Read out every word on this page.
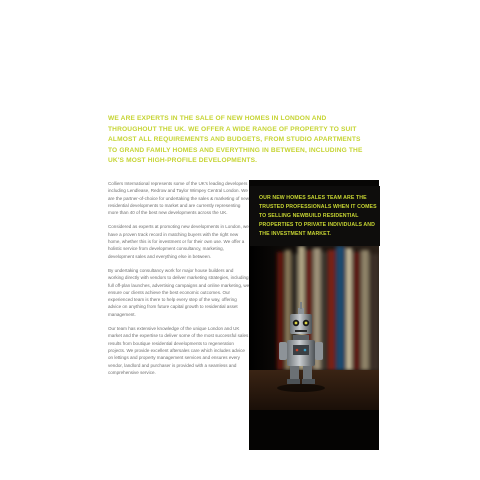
WE ARE EXPERTS IN THE SALE OF NEW HOMES IN LONDON AND THROUGHOUT THE UK. WE OFFER A WIDE RANGE OF PROPERTY TO SUIT ALMOST ALL REQUIREMENTS AND BUDGETS, FROM STUDIO APARTMENTS TO GRAND FAMILY HOMES AND EVERYTHING IN BETWEEN, INCLUDING THE UK'S MOST HIGH-PROFILE DEVELOPMENTS.

Colliers International represents some of the UK's leading developers including Lendlease, Redrow and Taylor Wimpey Central London. We are the partner-of-choice for undertaking the sales & marketing of new residential developments to market and are currently representing more than 40 of the best new developments across the UK.

Considered as experts at promoting new developments in London, we have a proven track record in matching buyers with the right new home, whether this is for investment or for their own use. We offer a holistic service from development consultancy, marketing, development sales and everything else in between.

By undertaking consultancy work for major house builders and working directly with vendors to deliver marketing strategies, including full off-plan launches, advertising campaigns and online marketing, we ensure our clients achieve the best economic outcomes. Our experienced team is there to help every step of the way, offering advice on anything from future capital growth to residential asset management.

Our team has extensive knowledge of the unique London and UK market and the expertise to deliver some of the most successful sales results from boutique residential developments to regeneration projects. We provide excellent aftersales care which includes advice on lettings and property management services and ensures every vendor, landlord and purchaser is provided with a seamless and comprehensive service.

OUR NEW HOMES SALES TEAM ARE THE TRUSTED PROFESSIONALS WHEN IT COMES TO SELLING NEWBUILD RESIDENTIAL PROPERTIES TO PRIVATE INDIVIDUALS AND THE INVESTMENT MARKET.
